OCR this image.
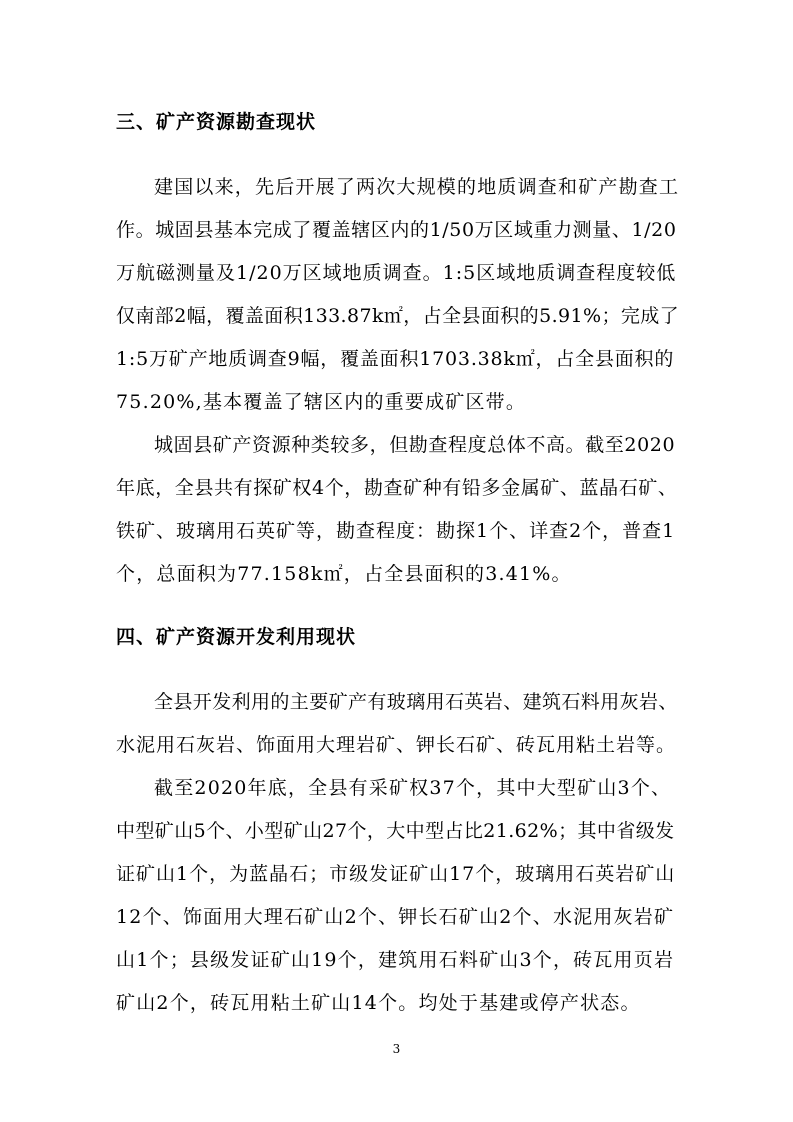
三、矿产资源勘查现状

建国以来，先后开展了两次大规模的地质调查和矿产勘查工

作。城固县基本完成了覆盖辖区内的1/50万区域重力测量、1/20

万航磁测量及1/20万区域地质调查。1:5区域地质调查程度较低

仅南部2幅，覆盖面积133.87k㎡，占全县面积的5.91%；完成了

1:5万矿产地质调查9幅，覆盖面积1703.38k㎡，占全县面积的

75.20%,基本覆盖了辖区内的重要成矿区带。

城固县矿产资源种类较多，但勘查程度总体不高。截至2020

年底，全县共有探矿权4个，勘查矿种有铅多金属矿、蓝晶石矿、

铁矿、玻璃用石英矿等，勘查程度：勘探1个、详查2个，普查1

个，总面积为77.158k㎡，占全县面积的3.41%。

四、矿产资源开发利用现状

全县开发利用的主要矿产有玻璃用石英岩、建筑石料用灰岩、

水泥用石灰岩、饰面用大理岩矿、钾长石矿、砖瓦用粘土岩等。

截至2020年底，全县有采矿权37个，其中大型矿山3个、

中型矿山5个、小型矿山27个，大中型占比21.62%；其中省级发

证矿山1个，为蓝晶石；市级发证矿山17个，玻璃用石英岩矿山

12个、饰面用大理石矿山2个、钾长石矿山2个、水泥用灰岩矿

山1个；县级发证矿山19个，建筑用石料矿山3个，砖瓦用页岩

矿山2个，砖瓦用粘土矿山14个。均处于基建或停产状态。

3
